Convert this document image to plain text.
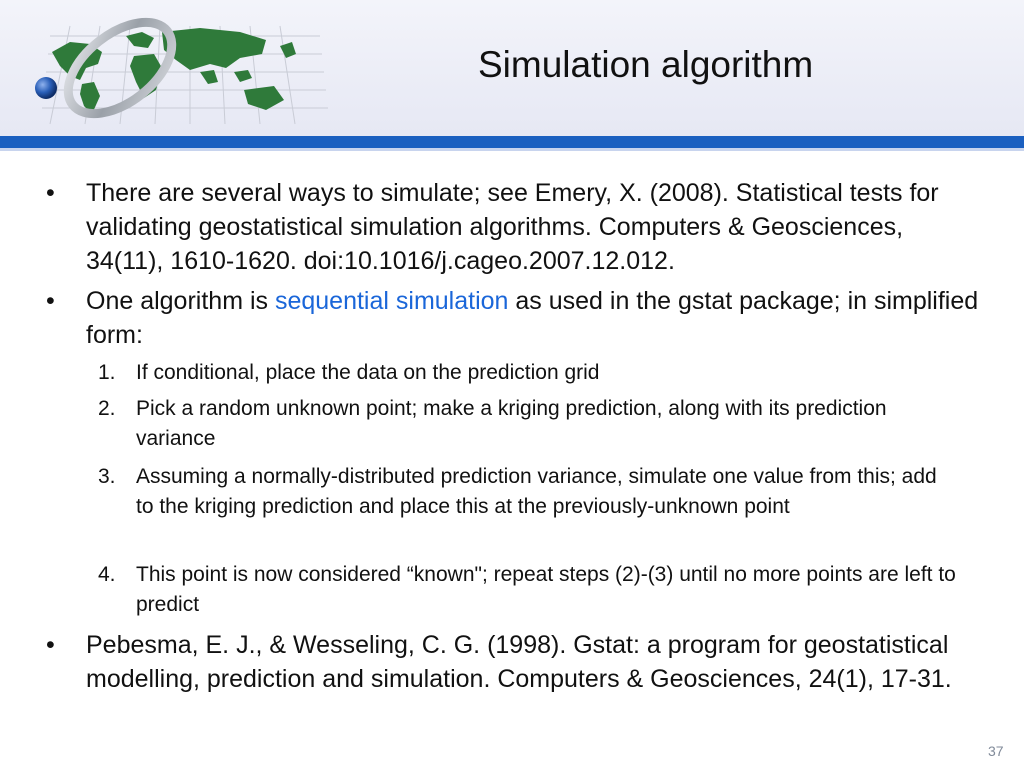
Simulation algorithm
• There are several ways to simulate; see Emery, X. (2008). Statistical tests for validating geostatistical simulation algorithms. Computers & Geosciences, 34(11), 1610-1620. doi:10.1016/j.cageo.2007.12.012.
• One algorithm is sequential simulation as used in the gstat package; in simplified form:
1. If conditional, place the data on the prediction grid
2. Pick a random unknown point; make a kriging prediction, along with its prediction variance
3. Assuming a normally-distributed prediction variance, simulate one value from this; add to the kriging prediction and place this at the previously-unknown point
4. This point is now considered “known"; repeat steps (2)-(3) until no more points are left to predict
• Pebesma, E. J., & Wesseling, C. G. (1998). Gstat: a program for geostatistical modelling, prediction and simulation. Computers & Geosciences, 24(1), 17-31.
37
